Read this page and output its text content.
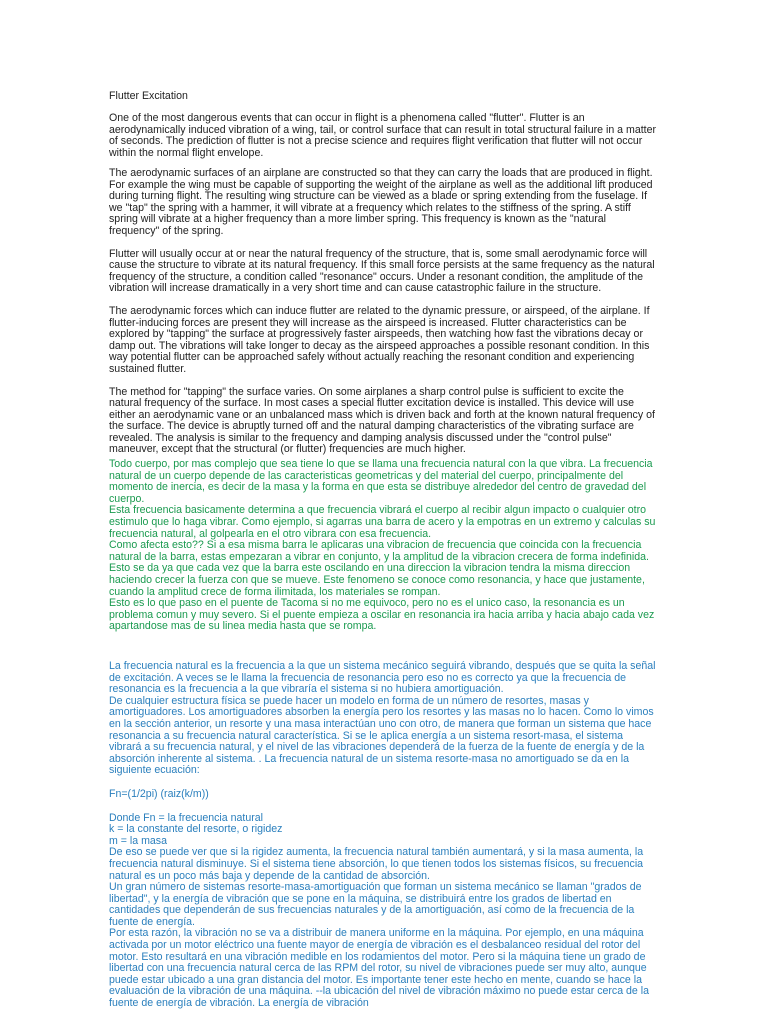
Flutter Excitation

One of the most dangerous events that can occur in flight is a phenomena called "flutter". Flutter is an aerodynamically induced vibration of a wing, tail, or control surface that can result in total structural failure in a matter of seconds. The prediction of flutter is not a precise science and requires flight verification that flutter will not occur within the normal flight envelope.

The aerodynamic surfaces of an airplane are constructed so that they can carry the loads that are produced in flight. For example the wing must be capable of supporting the weight of the airplane as well as the additional lift produced during turning flight. The resulting wing structure can be viewed as a blade or spring extending from the fuselage. If we "tap" the spring with a hammer, it will vibrate at a frequency which relates to the stiffness of the spring. A stiff spring will vibrate at a higher frequency than a more limber spring. This frequency is known as the "natural frequency" of the spring.

Flutter will usually occur at or near the natural frequency of the structure, that is, some small aerodynamic force will cause the structure to vibrate at its natural frequency. If this small force persists at the same frequency as the natural frequency of the structure, a condition called "resonance" occurs. Under a resonant condition, the amplitude of the vibration will increase dramatically in a very short time and can cause catastrophic failure in the structure.

The aerodynamic forces which can induce flutter are related to the dynamic pressure, or airspeed, of the airplane. If flutter-inducing forces are present they will increase as the airspeed is increased. Flutter characteristics can be explored by "tapping" the surface at progressively faster airspeeds, then watching how fast the vibrations decay or damp out. The vibrations will take longer to decay as the airspeed approaches a possible resonant condition. In this way potential flutter can be approached safely without actually reaching the resonant condition and experiencing sustained flutter.

The method for "tapping" the surface varies. On some airplanes a sharp control pulse is sufficient to excite the natural frequency of the surface. In most cases a special flutter excitation device is installed. This device will use either an aerodynamic vane or an unbalanced mass which is driven back and forth at the known natural frequency of the surface. The device is abruptly turned off and the natural damping characteristics of the vibrating surface are revealed. The analysis is similar to the frequency and damping analysis discussed under the "control pulse" maneuver, except that the structural (or flutter) frequencies are much higher.

Todo cuerpo, por mas complejo que sea tiene lo que se llama una frecuencia natural con la que vibra. La frecuencia natural de un cuerpo depende de las caracteristicas geometricas y del material del cuerpo, principalmente del momento de inercia, es decir de la masa y la forma en que esta se distribuye alrededor del centro de gravedad del cuerpo.

Esta frecuencia basicamente determina a que frecuencia vibrará el cuerpo al recibir algun impacto o cualquier otro estimulo que lo haga vibrar. Como ejemplo, si agarras una barra de acero y la empotras en un extremo y calculas su frecuencia natural, al golpearla en el otro vibrara con esa frecuencia.

Como afecta esto?? Si a esa misma barra le aplicaras una vibracion de frecuencia que coincida con la frecuencia natural de la barra, estas empezaran a vibrar en conjunto, y la amplitud de la vibracion crecera de forma indefinida. Esto se da ya que cada vez que la barra este oscilando en una direccion la vibracion tendra la misma direccion haciendo crecer la fuerza con que se mueve. Este fenomeno se conoce como resonancia, y hace que justamente, cuando la amplitud crece de forma ilimitada, los materiales se rompan.

Esto es lo que paso en el puente de Tacoma si no me equivoco, pero no es el unico caso, la resonancia es un problema comun y muy severo. Si el puente empieza a oscilar en resonancia ira hacia arriba y hacia abajo cada vez apartandose mas de su linea media hasta que se rompa.

La frecuencia natural es la frecuencia a la que un sistema mecánico seguirá vibrando, después que se quita la señal de excitación. A veces se le llama la frecuencia de resonancia pero eso no es correcto ya que la frecuencia de resonancia es la frecuencia a la que vibraría el sistema si no hubiera amortiguación.

De cualquier estructura física se puede hacer un modelo en forma de un número de resortes, masas y amortiguadores. Los amortiguadores absorben la energía pero los resortes y las masas no lo hacen. Como lo vimos en la sección anterior, un resorte y una masa interactúan uno con otro, de manera que forman un sistema que hace resonancia a su frecuencia natural característica. Si se le aplica energía a un sistema resort-masa, el sistema vibrará a su frecuencia natural, y el nivel de las vibraciones dependerá de la fuerza de la fuente de energía y de la absorción inherente al sistema. . La frecuencia natural de un sistema resorte-masa no amortiguado se da en la siguiente ecuación:

Fn=(1/2pi) (raiz(k/m))

Donde Fn = la frecuencia natural

k = la constante del resorte, o rigidez

m = la masa

De eso se puede ver que si la rigidez aumenta, la frecuencia natural también aumentará, y si la masa aumenta, la frecuencia natural disminuye. Si el sistema tiene absorción, lo que tienen todos los sistemas físicos, su frecuencia natural es un poco más baja y depende de la cantidad de absorción.

Un gran número de sistemas resorte-masa-amortiguación que forman un sistema mecánico se llaman "grados de libertad", y la energía de vibración que se pone en la máquina, se distribuirá entre los grados de libertad en cantidades que dependerán de sus frecuencias naturales y de la amortiguación, así como de la frecuencia de la fuente de energía.

Por esta razón, la vibración no se va a distribuir de manera uniforme en la máquina. Por ejemplo, en una máquina activada por un motor eléctrico una fuente mayor de energía de vibración es el desbalanceo residual del rotor del motor. Esto resultará en una vibración medible en los rodamientos del motor. Pero si la máquina tiene un grado de libertad con una frecuencia natural cerca de las RPM del rotor, su nivel de vibraciones puede ser muy alto, aunque puede estar ubicado a una gran distancia del motor. Es importante tener este hecho en mente, cuando se hace la evaluación de la vibración de una máquina. --la ubicación del nivel de vibración máximo no puede estar cerca de la fuente de energía de vibración. La energía de vibración
